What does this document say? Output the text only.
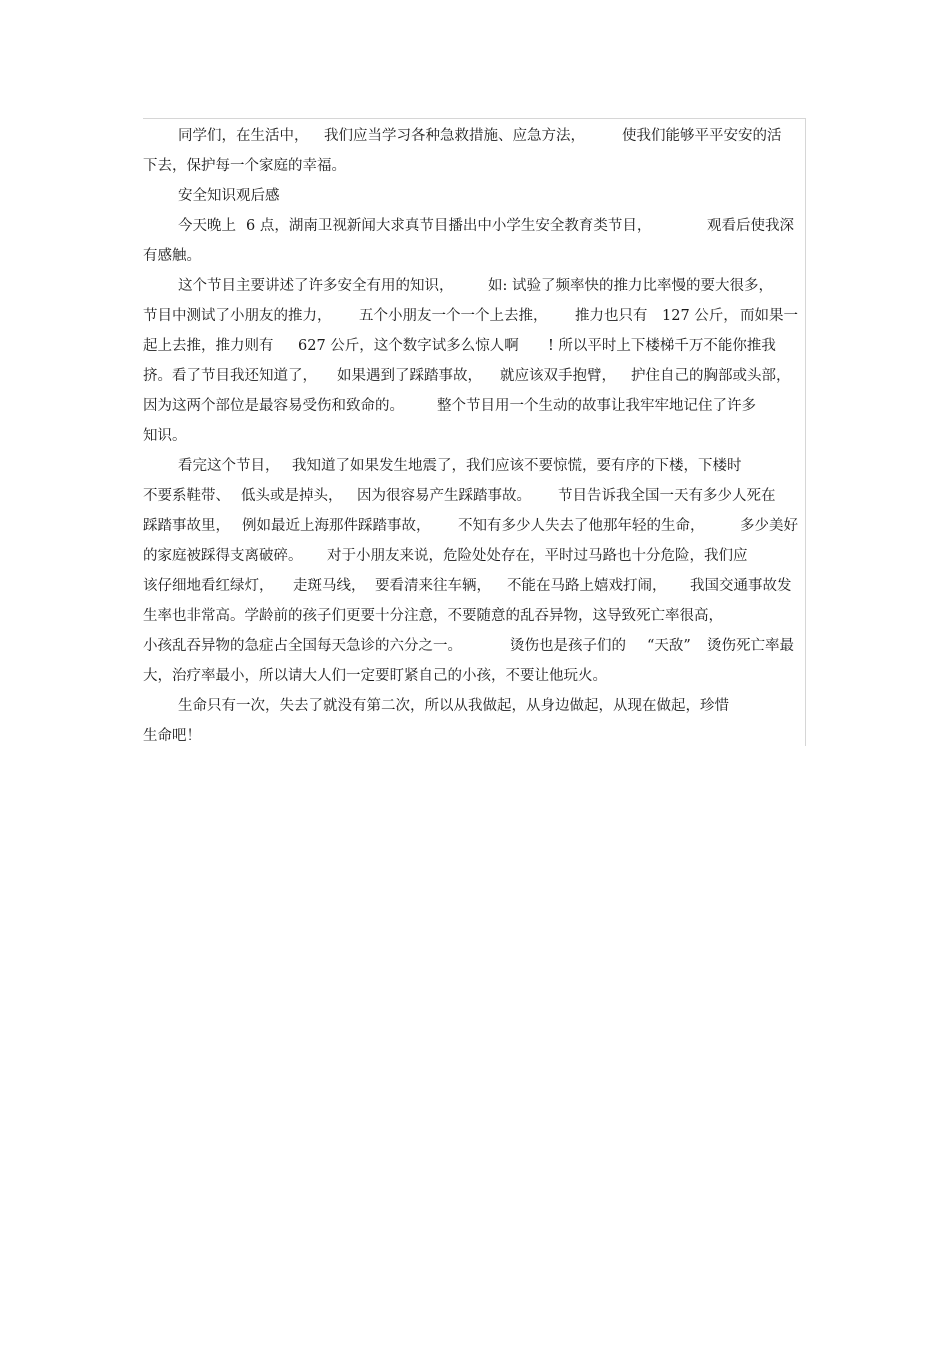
同学们，在生活中， 我们应当学习各种急救措施、应急方法，	使我们能够平平安安的活
下去，保护每一个家庭的幸福。
安全知识观后感
今天晚上 6 点，湖南卫视新闻大求真节目播出中小学生安全教育类节目，	观看后使我深
有感触。
这个节目主要讲述了许多安全有用的知识， 如: 试验了频率快的推力比率慢的要大很多，
节目中测试了小朋友的推力， 五个小朋友一个一个上去推， 推力也只有 127 公斤， 而如果一
起上去推，推力则有 627 公斤，这个数字试多么惊人啊 ! 所以平时上下楼梯千万不能你推我
挤。看了节目我还知道了， 如果遇到了踩踏事故， 就应该双手抱臂， 护住自己的胸部或头部，
因为这两个部位是最容易受伤和致命的。 整个节目用一个生动的故事让我牢牢地记住了许多
知识。
看完这个节目， 我知道了如果发生地震了，我们应该不要惊慌，要有序的下楼，下楼时
不要系鞋带、 低头或是掉头， 因为很容易产生踩踏事故。 节目告诉我全国一天有多少人死在
踩踏事故里， 例如最近上海那件踩踏事故， 不知有多少人失去了他那年轻的生命， 多少美好
的家庭被踩得支离破碎。 对于小朋友来说，危险处处存在，平时过马路也十分危险，我们应
该仔细地看红绿灯， 走斑马线， 要看清来往车辆， 不能在马路上嬉戏打闹， 我国交通事故发
生率也非常高。学龄前的孩子们更要十分注意，不要随意的乱吞异物，这导致死亡率很高，
小孩乱吞异物的急症占全国每天急诊的六分之一。	烫伤也是孩子们的 “天敌” 烫伤死亡率最
大，治疗率最小，所以请大人们一定要盯紧自己的小孩，不要让他玩火。
生命只有一次，失去了就没有第二次，所以从我做起，从身边做起，从现在做起，珍惜
生命吧！
